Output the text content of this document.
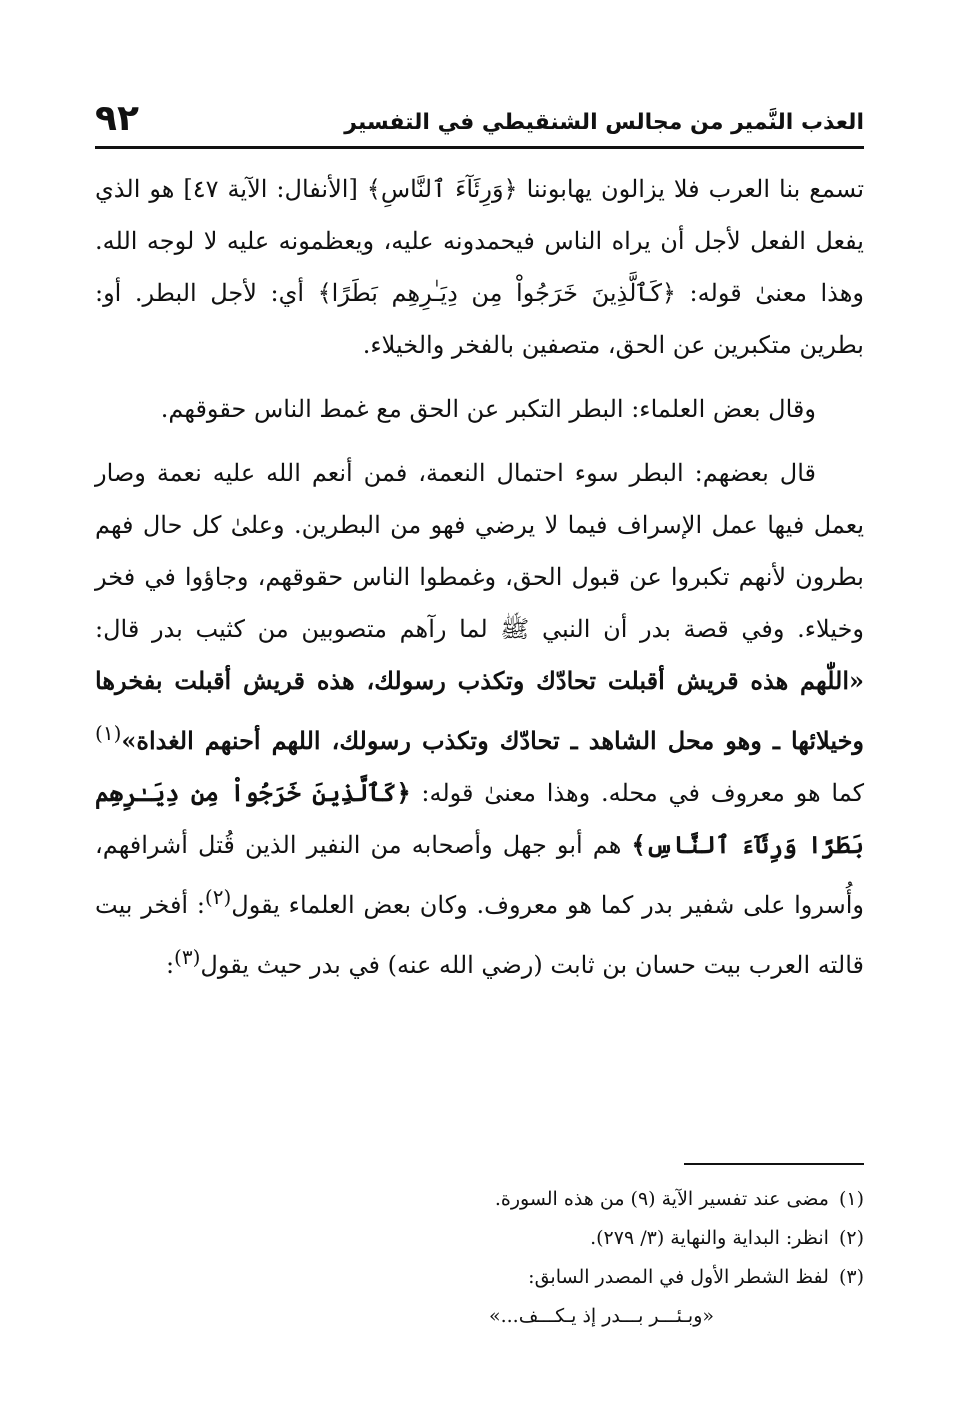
العذب النَّمير من مجالس الشنقيطي في التفسير
٩٢

تسمع بنا العرب فلا يزالون يهابوننا ﴿وَرِئَآءَ ٱلنَّاسِ﴾ [الأنفال: الآية ٤٧] هو الذي يفعل الفعل لأجل أن يراه الناس فيحمدونه عليه، ويعظمونه عليه لا لوجه الله. وهذا معنىٰ قوله: ﴿كَٱلَّذِينَ خَرَجُواْ مِن دِيَـٰرِهِم بَطَرًا﴾ أي: لأجل البطر. أو: بطرين متكبرين عن الحق، متصفين بالفخر والخيلاء.

وقال بعض العلماء: البطر التكبر عن الحق مع غمط الناس حقوقهم.

قال بعضهم: البطر سوء احتمال النعمة، فمن أنعم الله عليه نعمة وصار يعمل فيها عمل الإسراف فيما لا يرضي فهو من البطرين. وعلىٰ كل حال فهم بطرون لأنهم تكبروا عن قبول الحق، وغمطوا الناس حقوقهم، وجاؤوا في فخر وخيلاء. وفي قصة بدر أن النبي ﷺ لما رآهم متصوبين من كثيب بدر قال: «اللّٰهم هذه قريش أقبلت تحادّك وتكذب رسولك، هذه قريش أقبلت بفخرها وخيلائها ـ وهو محل الشاهد ـ تحادّك وتكذب رسولك، اللهم أحنهم الغداة»$^{(١)}$ كما هو معروف في محله. وهذا معنىٰ قوله: ﴿كَٱلَّذِينَ خَرَجُواْ مِن دِيَـٰرِهِم بَطَرًا وَرِئَآءَ ٱلنَّاسِ﴾ هم أبو جهل وأصحابه من النفير الذين قُتل أشرافهم، وأُسروا على شفير بدر كما هو معروف. وكان بعض العلماء يقول$^{(٢)}$: أفخر بيت قالته العرب بيت حسان بن ثابت (رضي الله عنه) في بدر حيث يقول$^{(٣)}$:

(١)مضى عند تفسير الآية (٩) من هذه السورة.

(٢)انظر: البداية والنهاية (٣/ ٢٧٩).

(٣)لفظ الشطر الأول في المصدر السابق:

«وبـئـــر بـــدر إذ يـكـــف...»
